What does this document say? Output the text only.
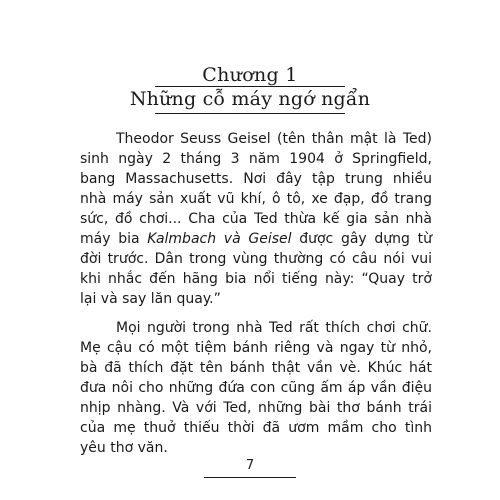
Chương 1
Những cỗ máy ngớ ngẩn
Theodor Seuss Geisel (tên thân mật là Ted)
sinh ngày 2 tháng 3 năm 1904 ở Springfield,
bang Massachusetts. Nơi đây tập trung nhiều
nhà máy sản xuất vũ khí, ô tô, xe đạp, đồ trang
sức, đồ chơi... Cha của Ted thừa kế gia sản nhà
máy bia Kalmbach và Geisel được gây dựng từ
đời trước. Dân trong vùng thường có câu nói vui
khi nhắc đến hãng bia nổi tiếng này: “Quay trở
lại và say lăn quay.”
Mọi người trong nhà Ted rất thích chơi chữ.
Mẹ cậu có một tiệm bánh riêng và ngay từ nhỏ,
bà đã thích đặt tên bánh thật vần vè. Khúc hát
đưa nôi cho những đứa con cũng ấm áp vần điệu
nhịp nhàng. Và với Ted, những bài thơ bánh trái
của mẹ thuở thiếu thời đã ươm mầm cho tình
yêu thơ văn.
7
